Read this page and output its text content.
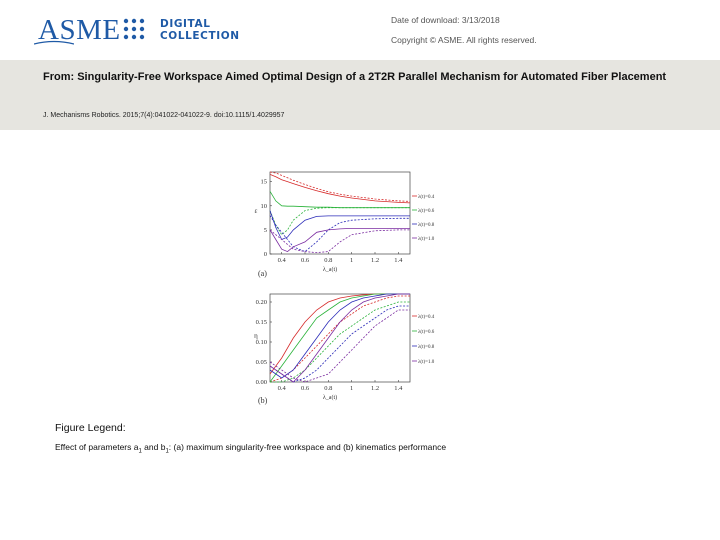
ASME	DIGITAL
COLLECTION
Date of download: 3/13/2018
Copyright © ASME. All rights reserved.
From: Singularity-Free Workspace Aimed Optimal Design of a 2T2R Parallel Mechanism for Automated Fiber Placement
J. Mechanisms Robotics. 2015;7(4):041022-041022-9. doi:10.1115/1.4029957
0.4 0.6 0.8	1	1.2 1.4
0
5
10
15
λ(t)=0.4
λ(t)=0.6
λ(t)=0.8
λ(t)=1.0
ε
λ_a(t)
(a)
0.4 0.6 0.8	1	1.2 1.4
0.00
0.05
0.10
0.15
0.20
λ(t)=0.4
λ(t)=0.6
λ(t)=0.8
λ(t)=1.0
η
λ_a(t)
(b)
Figure Legend:
Effect of parameters $a_1$ and $b_1$: (a) maximum singularity-free workspace and (b) kinematics performance
